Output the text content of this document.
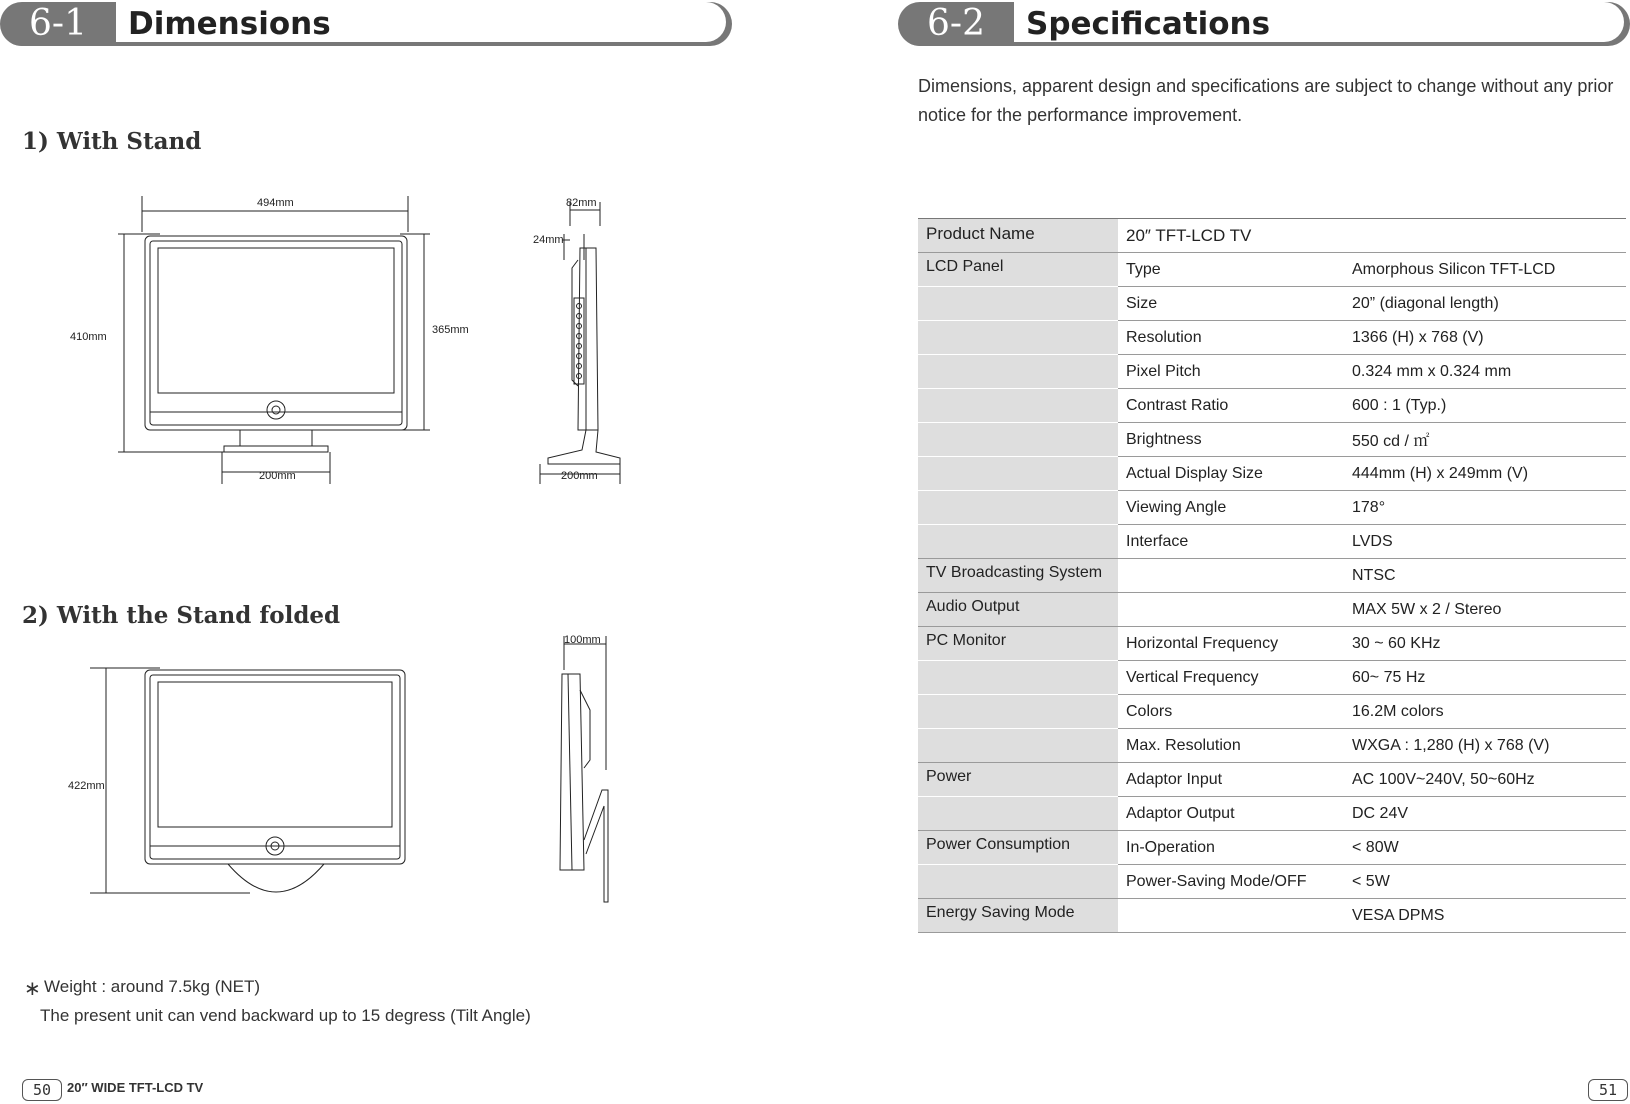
6-1	Dimensions	6-2	Specifications
1) With Stand
2) With the Stand folded
494mm
410mm
365mm
200mm
82mm
24mm
200mm
422mm
100mm
∗ Weight : around 7.5kg (NET)
The present unit can vend backward up to 15 degress (Tilt Angle)
50	20″ WIDE TFT-LCD TV
Dimensions, apparent design and specifications are subject to change without any prior notice for the performance improvement.
Product Name	20″ TFT-LCD TV	
LCD Panel	Type	Amorphous Silicon TFT-LCD
	Size	20” (diagonal length)
	Resolution	1366 (H) x 768 (V)
	Pixel Pitch	0.324 mm x 0.324 mm
	Contrast Ratio	600 : 1 (Typ.)
	Brightness	550 cd / ㎡
	Actual Display Size	444mm (H) x 249mm (V)
	Viewing Angle	178°
	Interface	LVDS
TV Broadcasting System		NTSC
Audio Output		MAX 5W x 2 / Stereo
PC Monitor	Horizontal Frequency	30 ~ 60 KHz
	Vertical Frequency	60~ 75 Hz
	Colors	16.2M colors
	Max. Resolution	WXGA : 1,280 (H) x 768 (V)
Power	Adaptor Input	AC 100V~240V, 50~60Hz
	Adaptor Output	DC 24V
Power Consumption	In-Operation	< 80W
	Power-Saving Mode/OFF	< 5W
Energy Saving Mode		VESA DPMS
51
